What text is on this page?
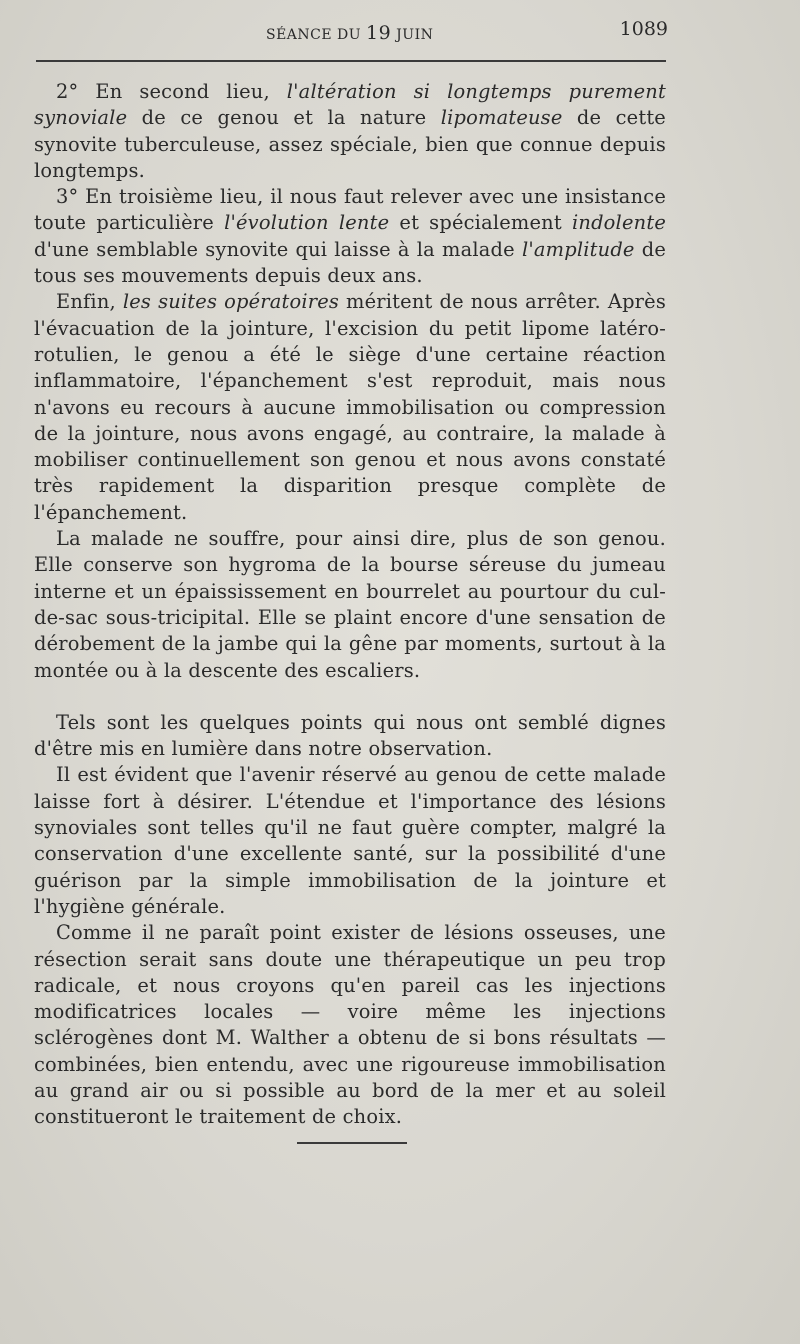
SÉANCE DU 19 JUIN	1089

2° En second lieu, l'altération si longtemps purement synoviale de ce genou et la nature lipomateuse de cette synovite tuberculeuse, assez spéciale, bien que connue depuis longtemps.

3° En troisième lieu, il nous faut relever avec une insistance toute particulière l'évolution lente et spécialement indolente d'une semblable synovite qui laisse à la malade l'amplitude de tous ses mouvements depuis deux ans.

Enfin, les suites opératoires méritent de nous arrêter. Après l'évacuation de la jointure, l'excision du petit lipome latéro-rotulien, le genou a été le siège d'une certaine réaction inflammatoire, l'épanchement s'est reproduit, mais nous n'avons eu recours à aucune immobilisation ou compression de la jointure, nous avons engagé, au contraire, la malade à mobiliser continuellement son genou et nous avons constaté très rapidement la disparition presque complète de l'épanchement.

La malade ne souffre, pour ainsi dire, plus de son genou. Elle conserve son hygroma de la bourse séreuse du jumeau interne et un épaississement en bourrelet au pourtour du cul-de-sac sous-tricipital. Elle se plaint encore d'une sensation de dérobement de la jambe qui la gêne par moments, surtout à la montée ou à la descente des escaliers.

Tels sont les quelques points qui nous ont semblé dignes d'être mis en lumière dans notre observation.

Il est évident que l'avenir réservé au genou de cette malade laisse fort à désirer. L'étendue et l'importance des lésions synoviales sont telles qu'il ne faut guère compter, malgré la conservation d'une excellente santé, sur la possibilité d'une guérison par la simple immobilisation de la jointure et l'hygiène générale.

Comme il ne paraît point exister de lésions osseuses, une résection serait sans doute une thérapeutique un peu trop radicale, et nous croyons qu'en pareil cas les injections modificatrices locales — voire même les injections sclérogènes dont M. Walther a obtenu de si bons résultats — combinées, bien entendu, avec une rigoureuse immobilisation au grand air ou si possible au bord de la mer et au soleil constitueront le traitement de choix.
